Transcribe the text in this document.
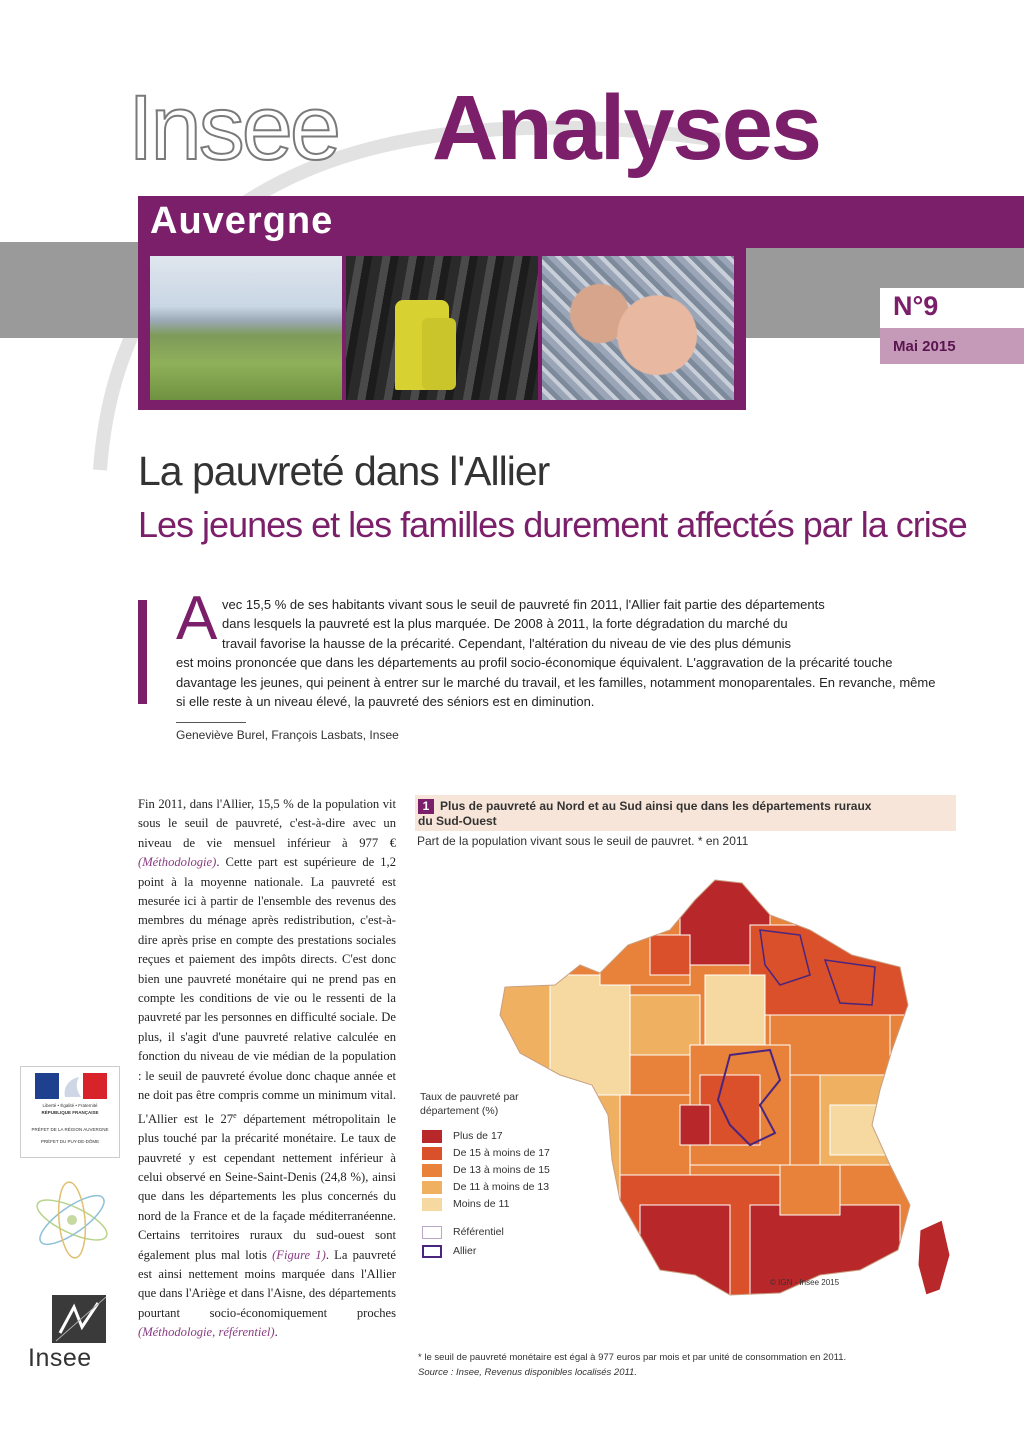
Insee Analyses
Auvergne
N°9
Mai 2015
La pauvreté dans l'Allier
Les jeunes et les familles durement affectés par la crise
A vec 15,5 % de ses habitants vivant sous le seuil de pauvreté fin 2011, l'Allier fait partie des départements
dans lesquels la pauvreté est la plus marquée. De 2008 à 2011, la forte dégradation du marché du
travail favorise la hausse de la précarité. Cependant, l'altération du niveau de vie des plus démunis
est moins prononcée que dans les départements au profil socio-économique équivalent. L'aggravation de la précarité touche davantage les jeunes, qui peinent à entrer sur le marché du travail, et les familles, notamment monoparentales. En revanche, même si elle reste à un niveau élevé, la pauvreté des séniors est en diminution.
Geneviève Burel, François Lasbats, Insee
Fin 2011, dans l'Allier, 15,5 % de la population vit sous le seuil de pauvreté, c'est-à-dire avec un niveau de vie mensuel inférieur à 977 € (Méthodologie). Cette part est supérieure de 1,2 point à la moyenne nationale. La pauvreté est mesurée ici à partir de l'ensemble des revenus des membres du ménage après redistribution, c'est-à-dire après prise en compte des prestations sociales reçues et paiement des impôts directs. C'est donc bien une pauvreté monétaire qui ne prend pas en compte les conditions de vie ou le ressenti de la pauvreté par les personnes en difficulté sociale. De plus, il s'agit d'une pauvreté relative calculée en fonction du niveau de vie médian de la population : le seuil de pauvreté évolue donc chaque année et ne doit pas être compris comme un minimum vital. L'Allier est le 27e département métropolitain le plus touché par la précarité monétaire. Le taux de pauvreté y est cependant nettement inférieur à celui observé en Seine-Saint-Denis (24,8 %), ainsi que dans les départements les plus concernés du nord de la France et de la façade méditerranéenne. Certains territoires ruraux du sud-ouest sont également plus mal lotis (Figure 1). La pauvreté est ainsi nettement moins marquée dans l'Allier que dans l'Ariège et dans l'Aisne, des départements pourtant socio-économiquement proches (Méthodologie, référentiel).
1 Plus de pauvreté au Nord et au Sud ainsi que dans les départements ruraux
du Sud-Ouest
Part de la population vivant sous le seuil de pauvret. * en 2011
Taux de pauvreté par département (%)
Plus de 17
De 15 à moins de 17
De 13 à moins de 15
De 11 à moins de 13
Moins de 11
Référentiel
Allier
© IGN - Insee 2015
* le seuil de pauvreté monétaire est égal à 977 euros par mois et par unité de consommation en 2011.
Source : Insee, Revenus disponibles localisés 2011.
Liberté • Égalité • Fraternité
RÉPUBLIQUE FRANÇAISE
PRÉFET DE LA RÉGION AUVERGNE
PRÉFET DU PUY-DE-DÔME
Insee
